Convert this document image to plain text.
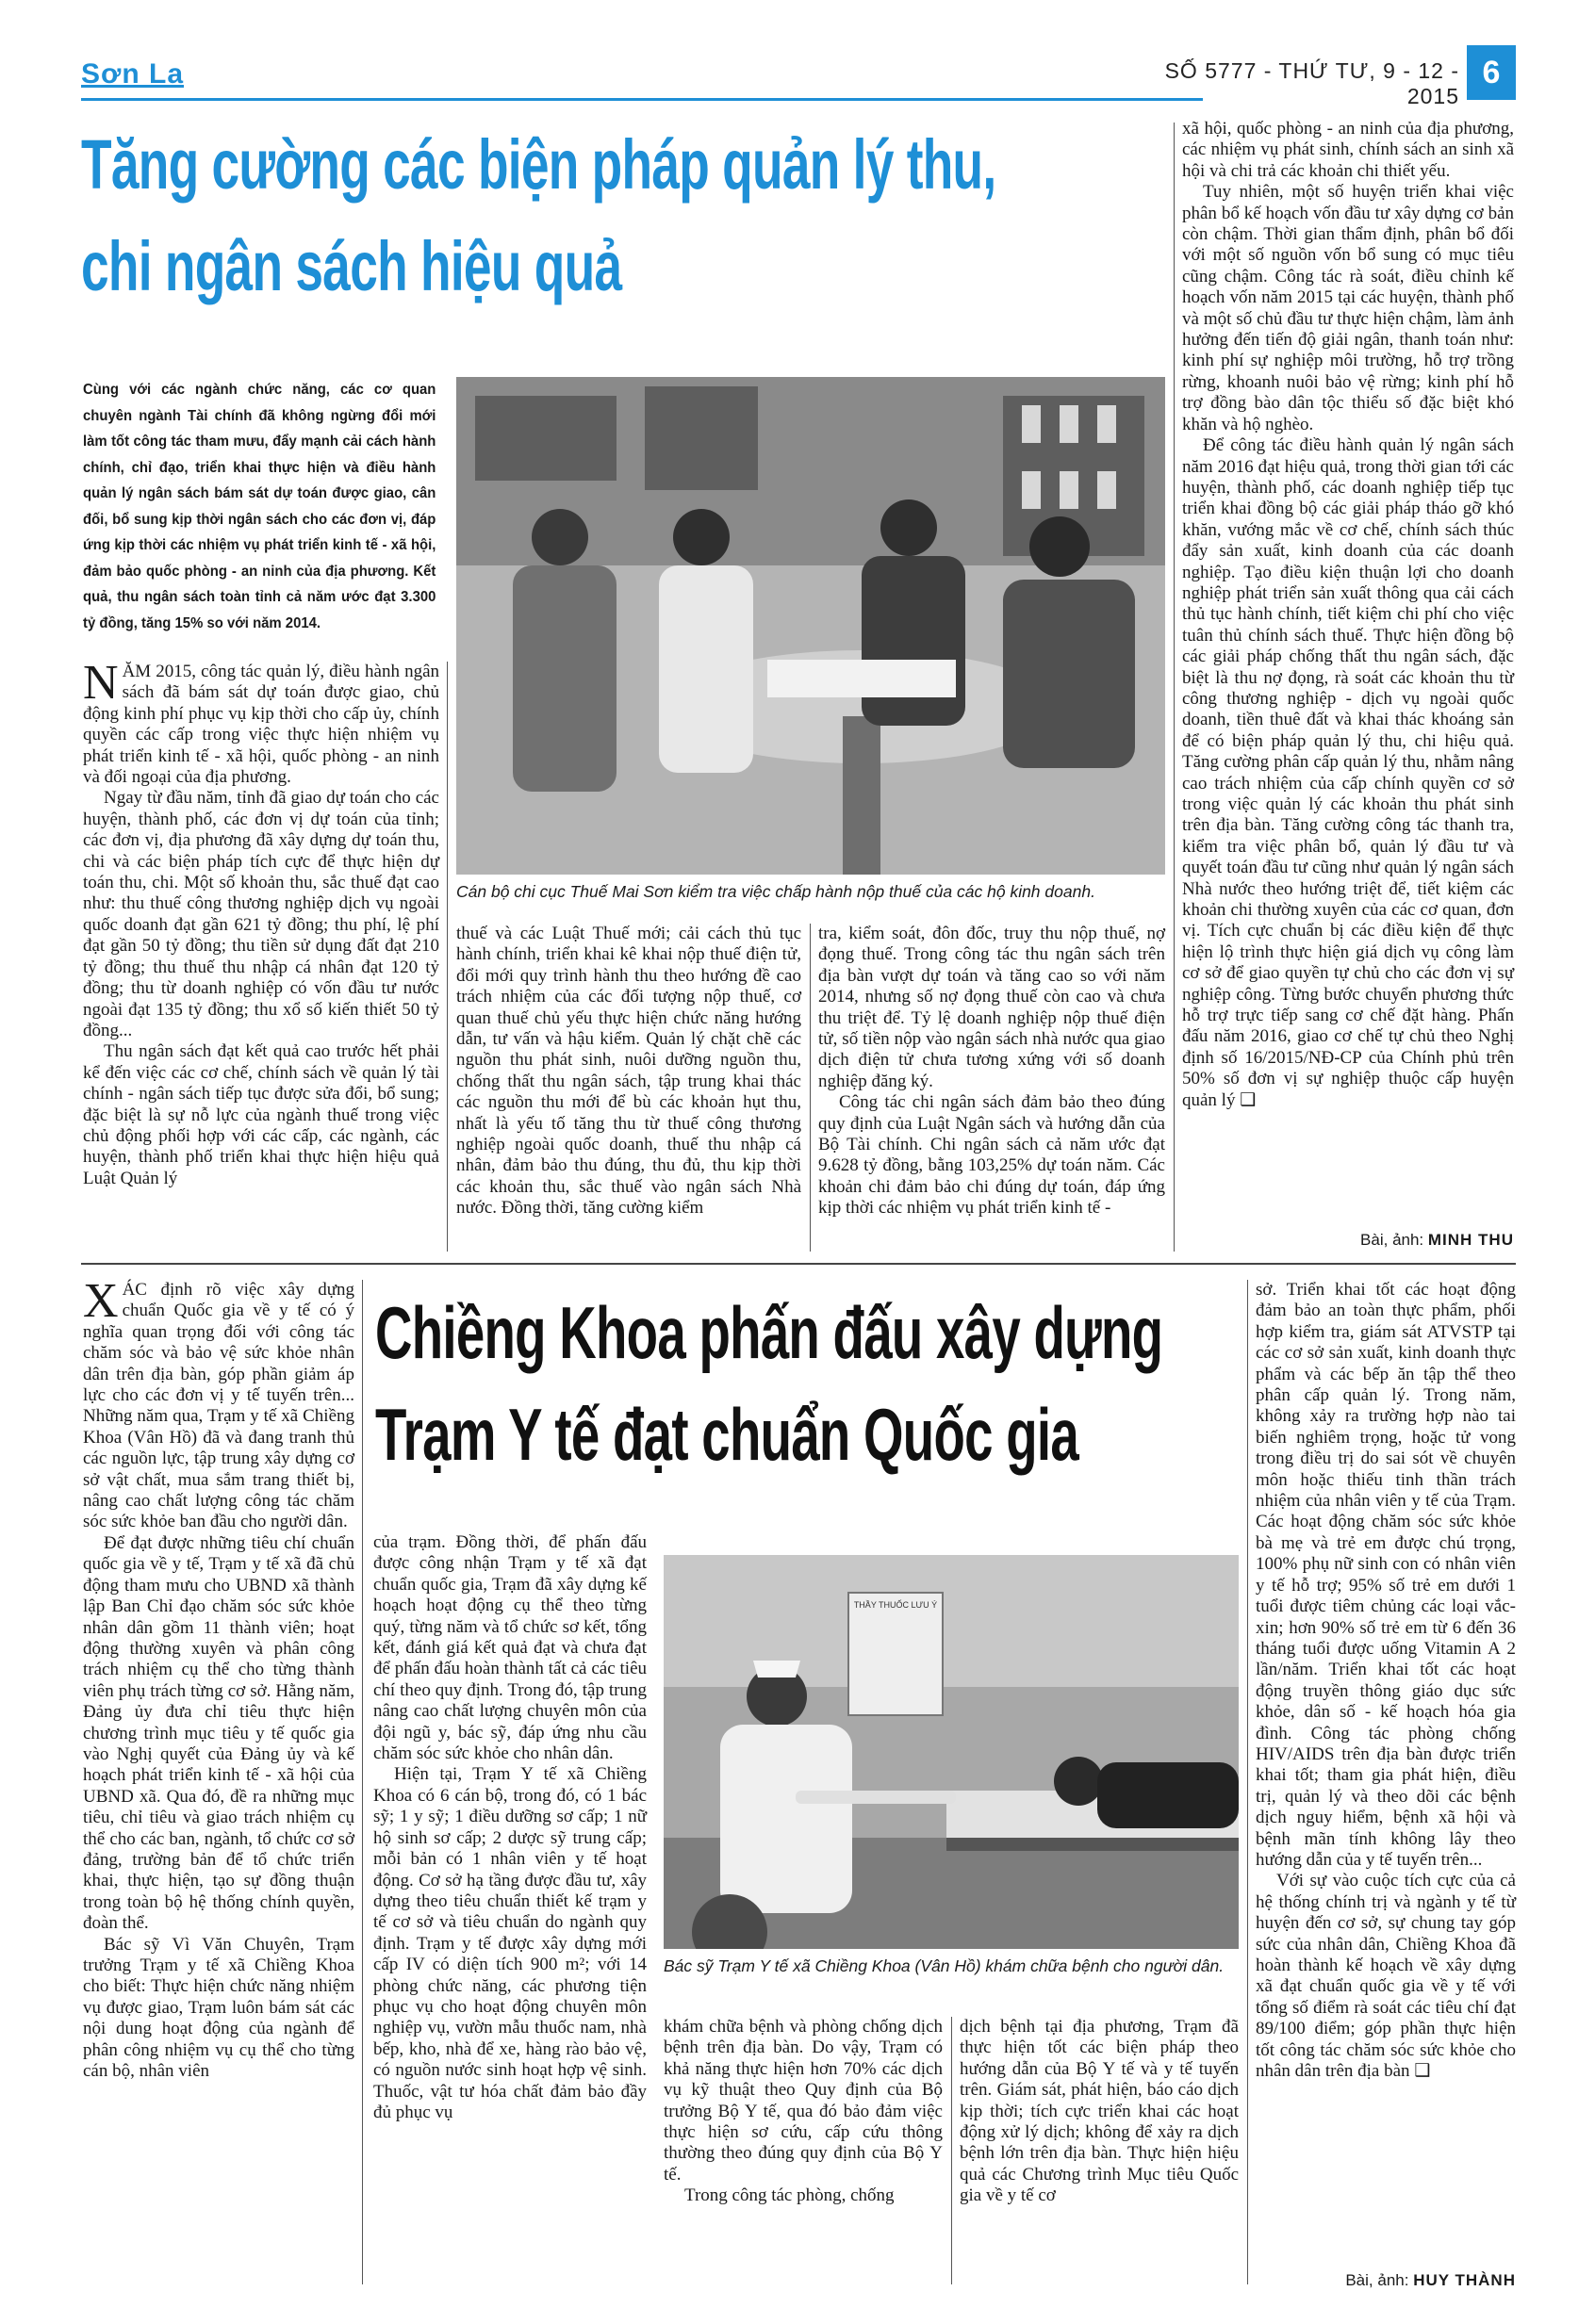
Sơn La	SỐ 5777 - THỨ TƯ, 9 - 12 - 2015
6
Tăng cường các biện pháp quản lý thu,
chi ngân sách hiệu quả
Cùng với các ngành chức năng, các cơ quan chuyên ngành Tài chính đã không ngừng đổi mới làm tốt công tác tham mưu, đẩy mạnh cải cách hành chính, chỉ đạo, triển khai thực hiện và điều hành quản lý ngân sách bám sát dự toán được giao, cân đối, bổ sung kịp thời ngân sách cho các đơn vị, đáp ứng kịp thời các nhiệm vụ phát triển kinh tế - xã hội, đảm bảo quốc phòng - an ninh của địa phương. Kết quả, thu ngân sách toàn tỉnh cả năm ước đạt 3.300 tỷ đồng, tăng 15% so với năm 2014.
Cán bộ chi cục Thuế Mai Sơn kiểm tra việc chấp hành nộp thuế của các hộ kinh doanh.

NĂM 2015, công tác quản lý, điều hành ngân sách đã bám sát dự toán được giao, chủ động kinh phí phục vụ kịp thời cho cấp ủy, chính quyền các cấp trong việc thực hiện nhiệm vụ phát triển kinh tế - xã hội, quốc phòng - an ninh và đối ngoại của địa phương.

Ngay từ đầu năm, tỉnh đã giao dự toán cho các huyện, thành phố, các đơn vị dự toán của tỉnh; các đơn vị, địa phương đã xây dựng dự toán thu, chi và các biện pháp tích cực để thực hiện dự toán thu, chi. Một số khoản thu, sắc thuế đạt cao như: thu thuế công thương nghiệp dịch vụ ngoài quốc doanh đạt gần 621 tỷ đồng; thu phí, lệ phí đạt gần 50 tỷ đồng; thu tiền sử dụng đất đạt 210 tỷ đồng; thu thuế thu nhập cá nhân đạt 120 tỷ đồng; thu từ doanh nghiệp có vốn đầu tư nước ngoài đạt 135 tỷ đồng; thu xổ số kiến thiết 50 tỷ đồng...

Thu ngân sách đạt kết quả cao trước hết phải kể đến việc các cơ chế, chính sách về quản lý tài chính - ngân sách tiếp tục được sửa đổi, bổ sung; đặc biệt là sự nỗ lực của ngành thuế trong việc chủ động phối hợp với các cấp, các ngành, các huyện, thành phố triển khai thực hiện hiệu quả Luật Quản lý

thuế và các Luật Thuế mới; cải cách thủ tục hành chính, triển khai kê khai nộp thuế điện tử, đổi mới quy trình hành thu theo hướng đề cao trách nhiệm của các đối tượng nộp thuế, cơ quan thuế chủ yếu thực hiện chức năng hướng dẫn, tư vấn và hậu kiểm. Quản lý chặt chẽ các nguồn thu phát sinh, nuôi dưỡng nguồn thu, chống thất thu ngân sách, tập trung khai thác các nguồn thu mới để bù các khoản hụt thu, nhất là yếu tố tăng thu từ thuế công thương nghiệp ngoài quốc doanh, thuế thu nhập cá nhân, đảm bảo thu đúng, thu đủ, thu kịp thời các khoản thu, sắc thuế vào ngân sách Nhà nước. Đồng thời, tăng cường kiểm

tra, kiểm soát, đôn đốc, truy thu nộp thuế, nợ đọng thuế. Trong công tác thu ngân sách trên địa bàn vượt dự toán và tăng cao so với năm 2014, nhưng số nợ đọng thuế còn cao và chưa thu triệt để. Tỷ lệ doanh nghiệp nộp thuế điện tử, số tiền nộp vào ngân sách nhà nước qua giao dịch điện tử chưa tương xứng với số doanh nghiệp đăng ký.

Công tác chi ngân sách đảm bảo theo đúng quy định của Luật Ngân sách và hướng dẫn của Bộ Tài chính. Chi ngân sách cả năm ước đạt 9.628 tỷ đồng, bằng 103,25% dự toán năm. Các khoản chi đảm bảo chi đúng dự toán, đáp ứng kịp thời các nhiệm vụ phát triển kinh tế -

xã hội, quốc phòng - an ninh của địa phương, các nhiệm vụ phát sinh, chính sách an sinh xã hội và chi trả các khoản chi thiết yếu.

Tuy nhiên, một số huyện triển khai việc phân bổ kế hoạch vốn đầu tư xây dựng cơ bản còn chậm. Thời gian thẩm định, phân bổ đối với một số nguồn vốn bổ sung có mục tiêu cũng chậm. Công tác rà soát, điều chỉnh kế hoạch vốn năm 2015 tại các huyện, thành phố và một số chủ đầu tư thực hiện chậm, làm ảnh hưởng đến tiến độ giải ngân, thanh toán như: kinh phí sự nghiệp môi trường, hỗ trợ trồng rừng, khoanh nuôi bảo vệ rừng; kinh phí hỗ trợ đồng bào dân tộc thiểu số đặc biệt khó khăn và hộ nghèo.

Để công tác điều hành quản lý ngân sách năm 2016 đạt hiệu quả, trong thời gian tới các huyện, thành phố, các doanh nghiệp tiếp tục triển khai đồng bộ các giải pháp tháo gỡ khó khăn, vướng mắc về cơ chế, chính sách thúc đẩy sản xuất, kinh doanh của các doanh nghiệp. Tạo điều kiện thuận lợi cho doanh nghiệp phát triển sản xuất thông qua cải cách thủ tục hành chính, tiết kiệm chi phí cho việc tuân thủ chính sách thuế. Thực hiện đồng bộ các giải pháp chống thất thu ngân sách, đặc biệt là thu nợ đọng, rà soát các khoản thu từ công thương nghiệp - dịch vụ ngoài quốc doanh, tiền thuê đất và khai thác khoáng sản để có biện pháp quản lý thu, chi hiệu quả. Tăng cường phân cấp quản lý thu, nhằm nâng cao trách nhiệm của cấp chính quyền cơ sở trong việc quản lý các khoản thu phát sinh trên địa bàn. Tăng cường công tác thanh tra, kiểm tra việc phân bổ, quản lý đầu tư và quyết toán đầu tư cũng như quản lý ngân sách Nhà nước theo hướng triệt để, tiết kiệm các khoản chi thường xuyên của các cơ quan, đơn vị. Tích cực chuẩn bị các điều kiện để thực hiện lộ trình thực hiện giá dịch vụ công làm cơ sở để giao quyền tự chủ cho các đơn vị sự nghiệp công. Từng bước chuyển phương thức hỗ trợ trực tiếp sang cơ chế đặt hàng. Phấn đấu năm 2016, giao cơ chế tự chủ theo Nghị định số 16/2015/NĐ-CP của Chính phủ trên 50% số đơn vị sự nghiệp thuộc cấp huyện quản lý ❑

Bài, ảnh: MINH THU

XÁC định rõ việc xây dựng chuẩn Quốc gia về y tế có ý nghĩa quan trọng đối với công tác chăm sóc và bảo vệ sức khỏe nhân dân trên địa bàn, góp phần giảm áp lực cho các đơn vị y tế tuyến trên... Những năm qua, Trạm y tế xã Chiềng Khoa (Vân Hồ) đã và đang tranh thủ các nguồn lực, tập trung xây dựng cơ sở vật chất, mua sắm trang thiết bị, nâng cao chất lượng công tác chăm sóc sức khỏe ban đầu cho người dân.

Để đạt được những tiêu chí chuẩn quốc gia về y tế, Trạm y tế xã đã chủ động tham mưu cho UBND xã thành lập Ban Chỉ đạo chăm sóc sức khỏe nhân dân gồm 11 thành viên; hoạt động thường xuyên và phân công trách nhiệm cụ thể cho từng thành viên phụ trách từng cơ sở. Hằng năm, Đảng ủy đưa chỉ tiêu thực hiện chương trình mục tiêu y tế quốc gia vào Nghị quyết của Đảng ủy và kế hoạch phát triển kinh tế - xã hội của UBND xã. Qua đó, đề ra những mục tiêu, chỉ tiêu và giao trách nhiệm cụ thể cho các ban, ngành, tổ chức cơ sở đảng, trường bản để tổ chức triển khai, thực hiện, tạo sự đồng thuận trong toàn bộ hệ thống chính quyền, đoàn thể.

Bác sỹ Vì Văn Chuyên, Trạm trưởng Trạm y tế xã Chiềng Khoa cho biết: Thực hiện chức năng nhiệm vụ được giao, Trạm luôn bám sát các nội dung hoạt động của ngành để phân công nhiệm vụ cụ thể cho từng cán bộ, nhân viên

Chiềng Khoa phấn đấu xây dựng
Trạm Y tế đạt chuẩn Quốc gia

của trạm. Đồng thời, để phấn đấu được công nhận Trạm y tế xã đạt chuẩn quốc gia, Trạm đã xây dựng kế hoạch hoạt động cụ thể theo từng quý, từng năm và tổ chức sơ kết, tổng kết, đánh giá kết quả đạt và chưa đạt để phấn đấu hoàn thành tất cả các tiêu chí theo quy định. Trong đó, tập trung nâng cao chất lượng chuyên môn của đội ngũ y, bác sỹ, đáp ứng nhu cầu chăm sóc sức khỏe cho nhân dân.

Hiện tại, Trạm Y tế xã Chiềng Khoa có 6 cán bộ, trong đó, có 1 bác sỹ; 1 y sỹ; 1 điều dưỡng sơ cấp; 1 nữ hộ sinh sơ cấp; 2 dược sỹ trung cấp; mỗi bản có 1 nhân viên y tế hoạt động. Cơ sở hạ tầng được đầu tư, xây dựng theo tiêu chuẩn thiết kế trạm y tế cơ sở và tiêu chuẩn do ngành quy định. Trạm y tế được xây dựng mới cấp IV có diện tích 900 m²; với 14 phòng chức năng, các phương tiện phục vụ cho hoạt động chuyên môn nghiệp vụ, vườn mẫu thuốc nam, nhà bếp, kho, nhà để xe, hàng rào bảo vệ, có nguồn nước sinh hoạt hợp vệ sinh. Thuốc, vật tư hóa chất đảm bảo đầy đủ phục vụ

THẦY THUỐC LƯU Ý
Bác sỹ Trạm Y tế xã Chiềng Khoa (Vân Hồ) khám chữa bệnh cho người dân.

khám chữa bệnh và phòng chống dịch bệnh trên địa bàn. Do vậy, Trạm có khả năng thực hiện hơn 70% các dịch vụ kỹ thuật theo Quy định của Bộ trưởng Bộ Y tế, qua đó bảo đảm việc thực hiện sơ cứu, cấp cứu thông thường theo đúng quy định của Bộ Y tế.

Trong công tác phòng, chống

dịch bệnh tại địa phương, Trạm đã thực hiện tốt các biện pháp theo hướng dẫn của Bộ Y tế và y tế tuyến trên. Giám sát, phát hiện, báo cáo dịch kịp thời; tích cực triển khai các hoạt động xử lý dịch; không để xảy ra dịch bệnh lớn trên địa bàn. Thực hiện hiệu quả các Chương trình Mục tiêu Quốc gia về y tế cơ

sở. Triển khai tốt các hoạt động đảm bảo an toàn thực phẩm, phối hợp kiểm tra, giám sát ATVSTP tại các cơ sở sản xuất, kinh doanh thực phẩm và các bếp ăn tập thể theo phân cấp quản lý. Trong năm, không xảy ra trường hợp nào tai biến nghiêm trọng, hoặc tử vong trong điều trị do sai sót về chuyên môn hoặc thiếu tinh thần trách nhiệm của nhân viên y tế của Trạm. Các hoạt động chăm sóc sức khỏe bà mẹ và trẻ em được chú trọng, 100% phụ nữ sinh con có nhân viên y tế hỗ trợ; 95% số trẻ em dưới 1 tuổi được tiêm chủng các loại vắc-xin; hơn 90% số trẻ em từ 6 đến 36 tháng tuổi được uống Vitamin A 2 lần/năm. Triển khai tốt các hoạt động truyền thông giáo dục sức khỏe, dân số - kế hoạch hóa gia đình. Công tác phòng chống HIV/AIDS trên địa bàn được triển khai tốt; tham gia phát hiện, điều trị, quản lý và theo dõi các bệnh dịch nguy hiểm, bệnh xã hội và bệnh mãn tính không lây theo hướng dẫn của y tế tuyến trên...

Với sự vào cuộc tích cực của cả hệ thống chính trị và ngành y tế từ huyện đến cơ sở, sự chung tay góp sức của nhân dân, Chiềng Khoa đã hoàn thành kế hoạch về xây dựng xã đạt chuẩn quốc gia về y tế với tổng số điểm rà soát các tiêu chí đạt 89/100 điểm; góp phần thực hiện tốt công tác chăm sóc sức khỏe cho nhân dân trên địa bàn ❑

Bài, ảnh: HUY THÀNH
